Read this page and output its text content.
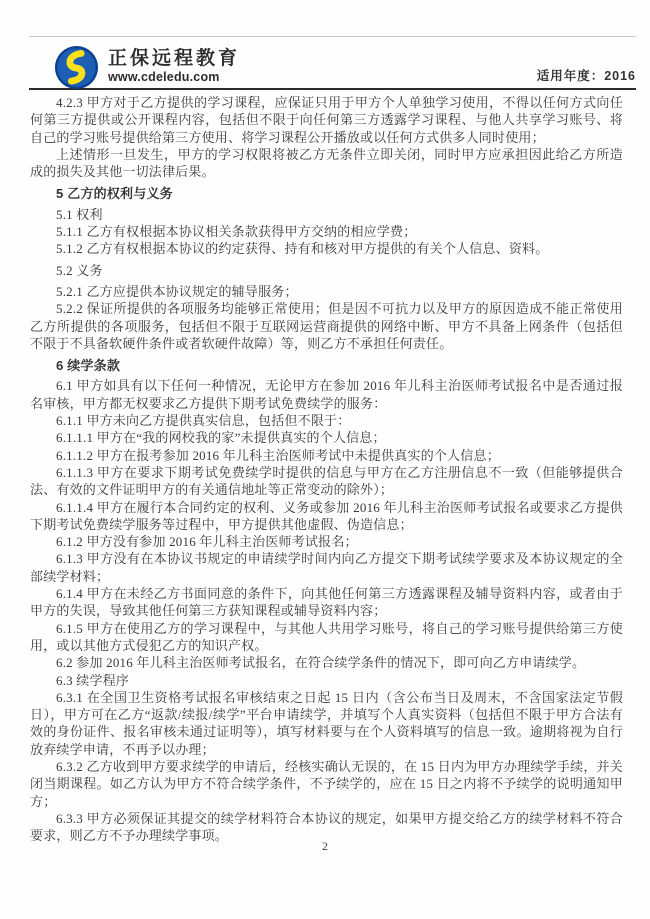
正保远程教育
www.cdeledu.com	适用年度：2016

4.2.3 甲方对于乙方提供的学习课程，应保证只用于甲方个人单独学习使用，不得以任何方式向任何第三方提供或公开课程内容，包括但不限于向任何第三方透露学习课程、与他人共享学习账号、将自己的学习账号提供给第三方使用、将学习课程公开播放或以任何方式供多人同时使用；

上述情形一旦发生，甲方的学习权限将被乙方无条件立即关闭，同时甲方应承担因此给乙方所造成的损失及其他一切法律后果。

5 乙方的权利与义务

5.1 权利

5.1.1 乙方有权根据本协议相关条款获得甲方交纳的相应学费；

5.1.2 乙方有权根据本协议的约定获得、持有和核对甲方提供的有关个人信息、资料。

5.2 义务

5.2.1 乙方应提供本协议规定的辅导服务；

5.2.2 保证所提供的各项服务均能够正常使用；但是因不可抗力以及甲方的原因造成不能正常使用乙方所提供的各项服务，包括但不限于互联网运营商提供的网络中断、甲方不具备上网条件（包括但不限于不具备软硬件条件或者软硬件故障）等，则乙方不承担任何责任。

6 续学条款

6.1 甲方如具有以下任何一种情况，无论甲方在参加 2016 年儿科主治医师考试报名中是否通过报名审核，甲方都无权要求乙方提供下期考试免费续学的服务：

6.1.1 甲方未向乙方提供真实信息，包括但不限于：

6.1.1.1 甲方在“我的网校我的家”未提供真实的个人信息；

6.1.1.2 甲方在报考参加 2016 年儿科主治医师考试中未提供真实的个人信息；

6.1.1.3 甲方在要求下期考试免费续学时提供的信息与甲方在乙方注册信息不一致（但能够提供合法、有效的文件证明甲方的有关通信地址等正常变动的除外）；

6.1.1.4 甲方在履行本合同约定的权利、义务或参加 2016 年儿科主治医师考试报名或要求乙方提供下期考试免费续学服务等过程中，甲方提供其他虚假、伪造信息；

6.1.2 甲方没有参加 2016 年儿科主治医师考试报名；

6.1.3 甲方没有在本协议书规定的申请续学时间内向乙方提交下期考试续学要求及本协议规定的全部续学材料；

6.1.4 甲方在未经乙方书面同意的条件下，向其他任何第三方透露课程及辅导资料内容，或者由于甲方的失误，导致其他任何第三方获知课程或辅导资料内容；

6.1.5 甲方在使用乙方的学习课程中，与其他人共用学习账号，将自己的学习账号提供给第三方使用，或以其他方式侵犯乙方的知识产权。

6.2 参加 2016 年儿科主治医师考试报名，在符合续学条件的情况下，即可向乙方申请续学。

6.3 续学程序

6.3.1 在全国卫生资格考试报名审核结束之日起 15 日内（含公布当日及周末，不含国家法定节假日），甲方可在乙方“返款/续报/续学”平台申请续学，并填写个人真实资料（包括但不限于甲方合法有效的身份证件、报名审核未通过证明等），填写材料要与在个人资料填写的信息一致。逾期将视为自行放弃续学申请，不再予以办理；

6.3.2 乙方收到甲方要求续学的申请后，经核实确认无误的，在 15 日内为甲方办理续学手续，并关闭当期课程。如乙方认为甲方不符合续学条件，不予续学的，应在 15 日之内将不予续学的说明通知甲方；

6.3.3 甲方必须保证其提交的续学材料符合本协议的规定，如果甲方提交给乙方的续学材料不符合要求，则乙方不予办理续学事项。

2
